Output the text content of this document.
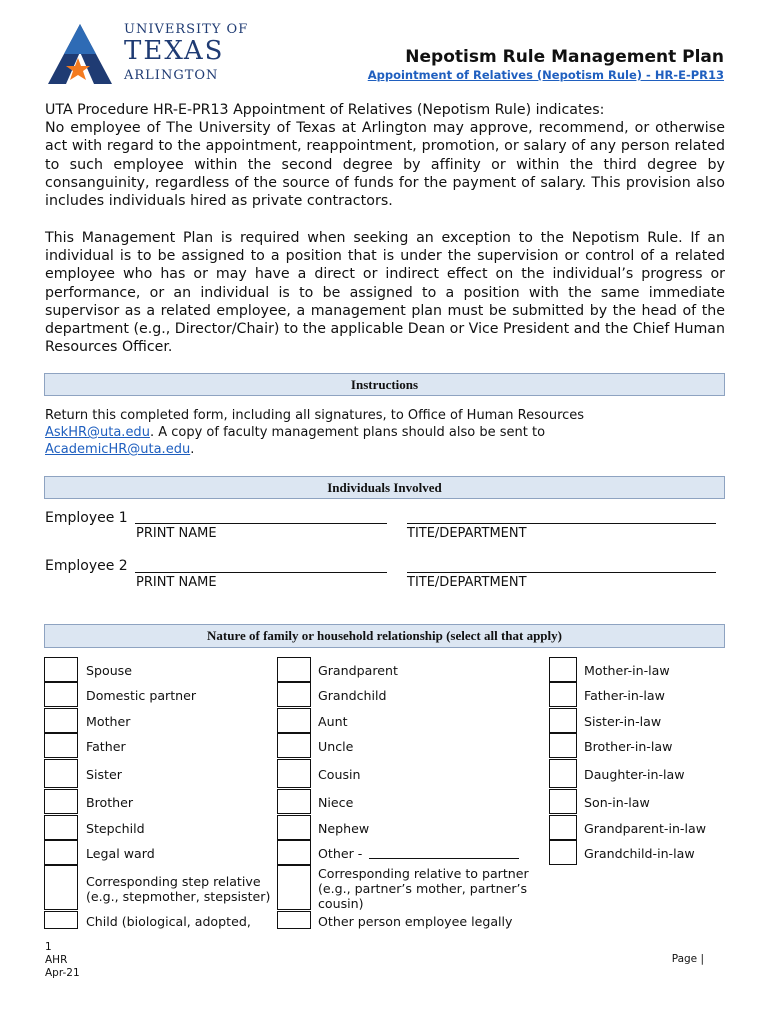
UNIVERSITY OF
TEXAS
ARLINGTON
Nepotism Rule Management Plan
Appointment of Relatives (Nepotism Rule) - HR-E-PR13
UTA Procedure HR-E-PR13 Appointment of Relatives (Nepotism Rule) indicates:
No employee of The University of Texas at Arlington may approve, recommend, or otherwise act with regard to the appointment, reappointment, promotion, or salary of any person related to such employee within the second degree by affinity or within the third degree by consanguinity, regardless of the source of funds for the payment of salary. This provision also includes individuals hired as private contractors.
This Management Plan is required when seeking an exception to the Nepotism Rule. If an individual is to be assigned to a position that is under the supervision or control of a related employee who has or may have a direct or indirect effect on the individual’s progress or performance, or an individual is to be assigned to a position with the same immediate supervisor as a related employee, a management plan must be submitted by the head of the department (e.g., Director/Chair) to the applicable Dean or Vice President and the Chief Human Resources Officer.
Instructions
Return this completed form, including all signatures, to Office of Human Resources
AskHR@uta.edu. A copy of faculty management plans should also be sent to
AcademicHR@uta.edu.
Individuals Involved
Employee 1
PRINT NAME	TITE/DEPARTMENT
Employee 2
PRINT NAME	TITE/DEPARTMENT
Nature of family or household relationship (select all that apply)
Spouse
Domestic partner
Mother
Father
Sister
Brother
Stepchild
Legal ward
Corresponding step relative
(e.g., stepmother, stepsister)
Child (biological, adopted,
Grandparent
Grandchild
Aunt
Uncle
Cousin
Niece
Nephew
Other -
Corresponding relative to partner
(e.g., partner’s mother, partner’s
cousin)
Other person employee legally
Mother-in-law
Father-in-law
Sister-in-law
Brother-in-law
Daughter-in-law
Son-in-law
Grandparent-in-law
Grandchild-in-law
1
AHR
Apr-21
Page |
